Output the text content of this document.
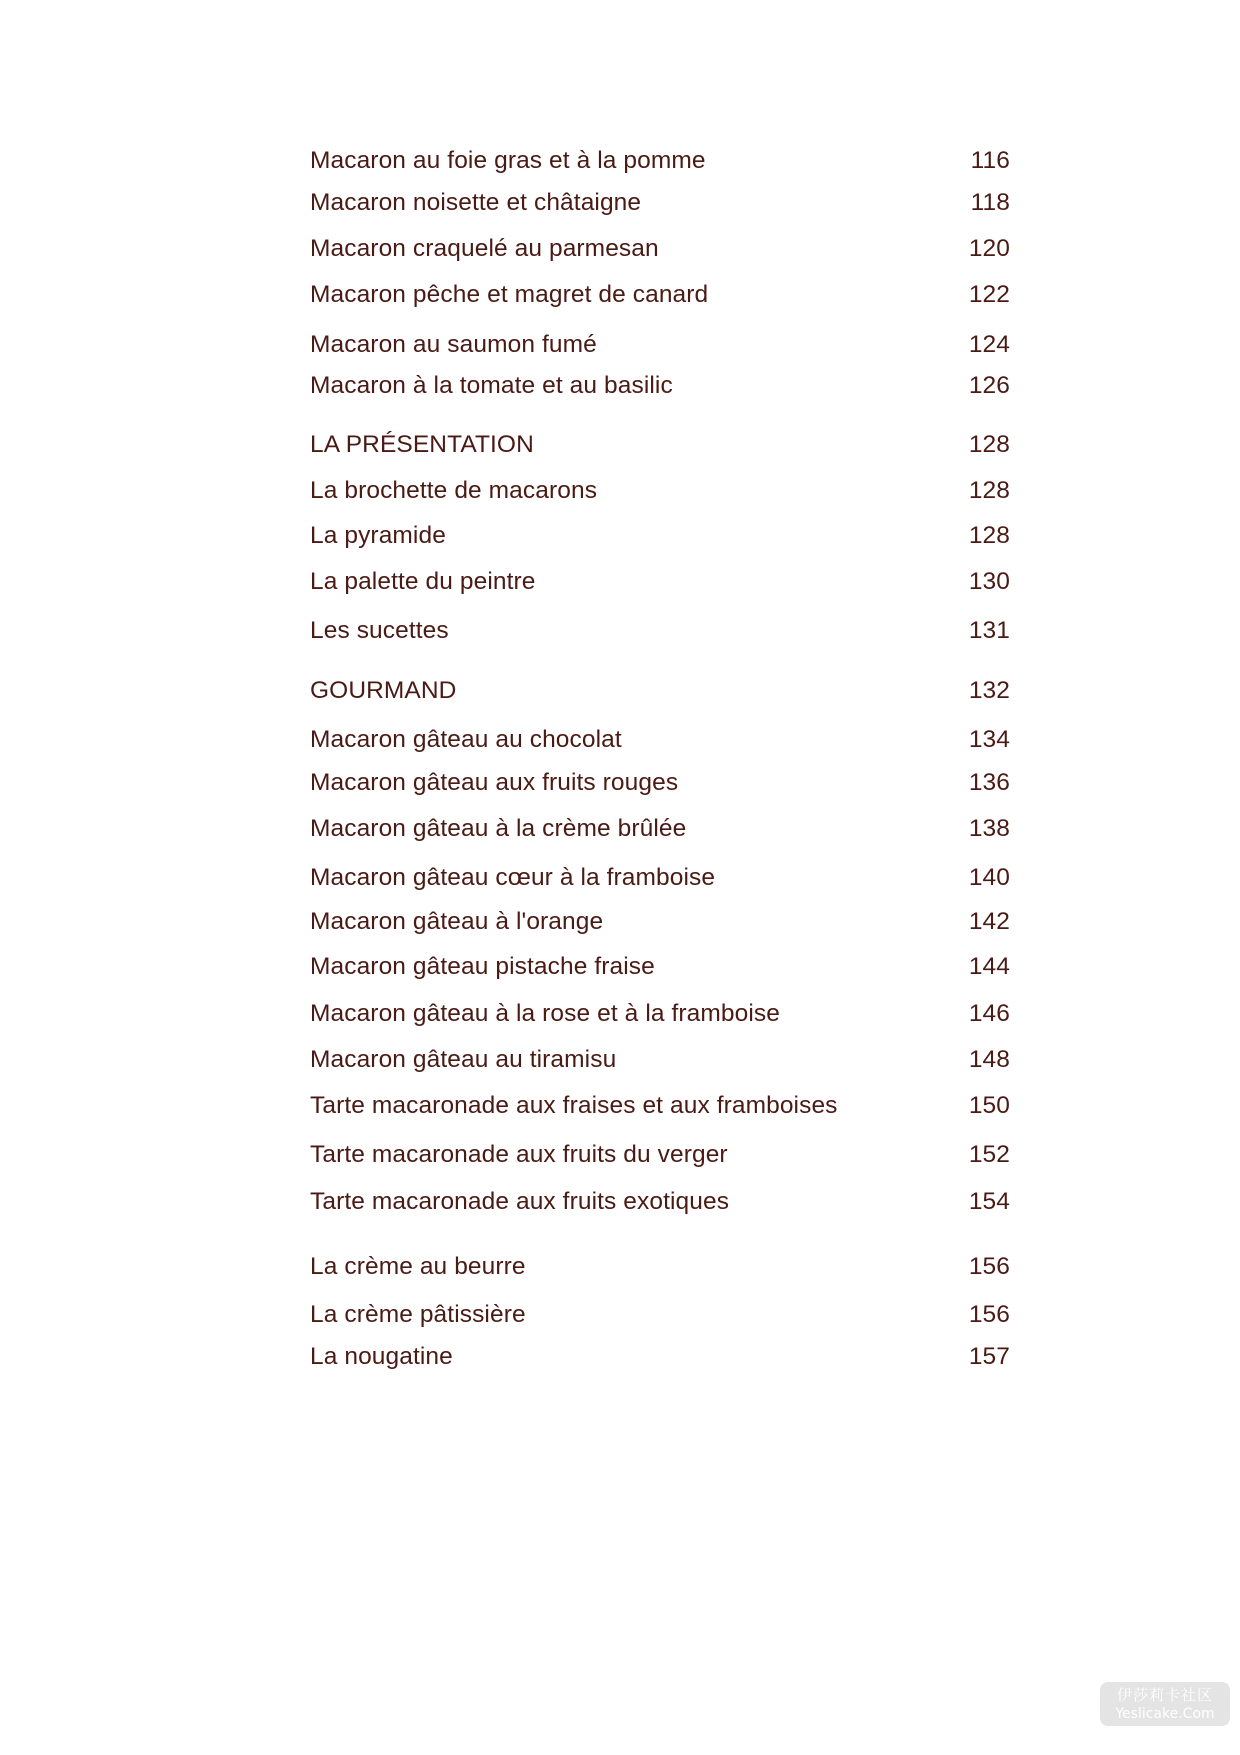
Macaron au foie gras et à la pomme	116
Macaron noisette et châtaigne	118
Macaron craquelé au parmesan	120
Macaron pêche et magret de canard	122
Macaron au saumon fumé	124
Macaron à la tomate et au basilic	126
LA PRÉSENTATION	128
La brochette de macarons	128
La pyramide	128
La palette du peintre	130
Les sucettes	131
GOURMAND	132
Macaron gâteau au chocolat	134
Macaron gâteau aux fruits rouges	136
Macaron gâteau à la crème brûlée	138
Macaron gâteau cœur à la framboise	140
Macaron gâteau à l'orange	142
Macaron gâteau pistache fraise	144
Macaron gâteau à la rose et à la framboise	146
Macaron gâteau au tiramisu	148
Tarte macaronade aux fraises et aux framboises	150
Tarte macaronade aux fruits du verger	152
Tarte macaronade aux fruits exotiques	154
La crème au beurre	156
La crème pâtissière	156
La nougatine	157
伊莎莉卡社区
Yeslicake.Com
